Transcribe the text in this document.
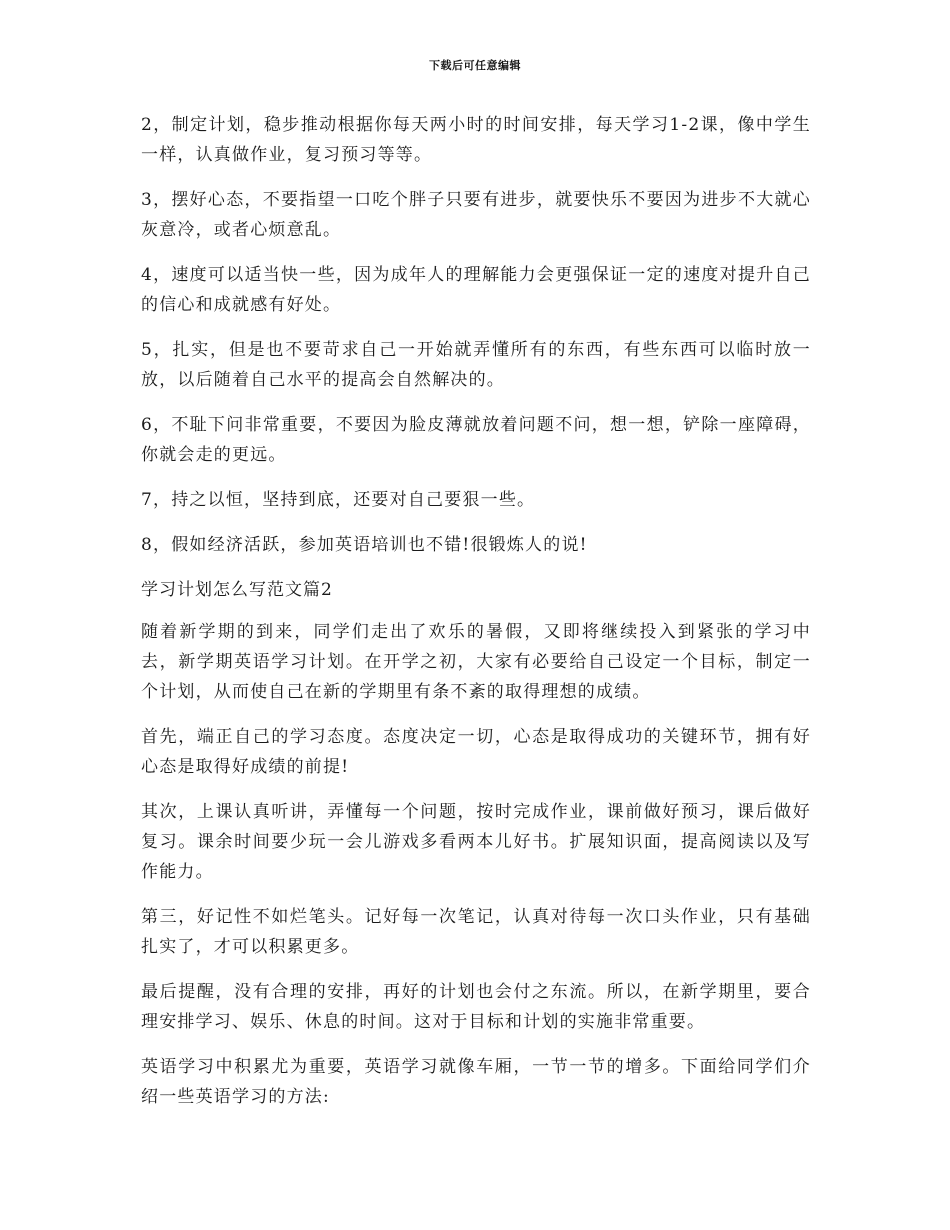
下载后可任意编辑

2，制定计划，稳步推动根据你每天两小时的时间安排，每天学习1-2课，像中学生一样，认真做作业，复习预习等等。

3，摆好心态，不要指望一口吃个胖子只要有进步，就要快乐不要因为进步不大就心灰意冷，或者心烦意乱。

4，速度可以适当快一些，因为成年人的理解能力会更强保证一定的速度对提升自己的信心和成就感有好处。

5，扎实，但是也不要苛求自己一开始就弄懂所有的东西，有些东西可以临时放一放，以后随着自己水平的提高会自然解决的。

6，不耻下问非常重要，不要因为脸皮薄就放着问题不问，想一想，铲除一座障碍，你就会走的更远。

7，持之以恒，坚持到底，还要对自己要狠一些。

8，假如经济活跃，参加英语培训也不错!很锻炼人的说!

学习计划怎么写范文篇2

随着新学期的到来，同学们走出了欢乐的暑假，又即将继续投入到紧张的学习中去，新学期英语学习计划。在开学之初，大家有必要给自己设定一个目标，制定一个计划，从而使自己在新的学期里有条不紊的取得理想的成绩。

首先，端正自己的学习态度。态度决定一切，心态是取得成功的关键环节，拥有好心态是取得好成绩的前提!

其次，上课认真听讲，弄懂每一个问题，按时完成作业，课前做好预习，课后做好复习。课余时间要少玩一会儿游戏多看两本儿好书。扩展知识面，提高阅读以及写作能力。

第三，好记性不如烂笔头。记好每一次笔记，认真对待每一次口头作业，只有基础扎实了，才可以积累更多。

最后提醒，没有合理的安排，再好的计划也会付之东流。所以，在新学期里，要合理安排学习、娱乐、休息的时间。这对于目标和计划的实施非常重要。

英语学习中积累尤为重要，英语学习就像车厢，一节一节的增多。下面给同学们介绍一些英语学习的方法:
